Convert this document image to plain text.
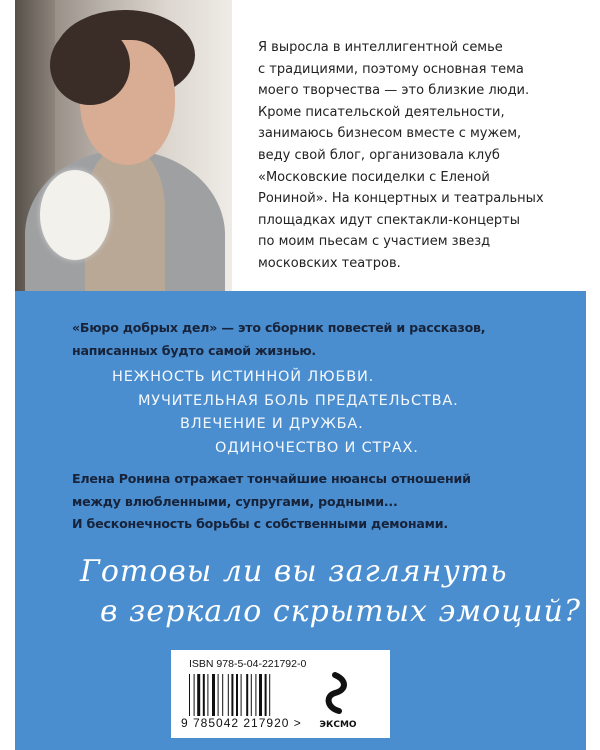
Я выросла в интеллигентной семье
с традициями, поэтому основная тема
моего творчества — это близкие люди.
Кроме писательской деятельности,
занимаюсь бизнесом вместе с мужем,
веду свой блог, организовала клуб
«Московские посиделки с Еленой
Рониной». На концертных и театральных
площадках идут спектакли-концерты
по моим пьесам с участием звезд
московских театров.
«Бюро добрых дел» — это сборник повестей и рассказов,
написанных будто самой жизнью.
НЕЖНОСТЬ ИСТИННОЙ ЛЮБВИ.
МУЧИТЕЛЬНАЯ БОЛЬ ПРЕДАТЕЛЬСТВА.
ВЛЕЧЕНИЕ И ДРУЖБА.
ОДИНОЧЕСТВО И СТРАХ.
Елена Ронина отражает тончайшие нюансы отношений
между влюбленными, супругами, родными...
И бесконечность борьбы с собственными демонами.
Готовы ли вы заглянуть
в зеркало скрытых эмоций?
ISBN 978-5-04-221792-0
9 785042 217920 >	ЭКСМО
